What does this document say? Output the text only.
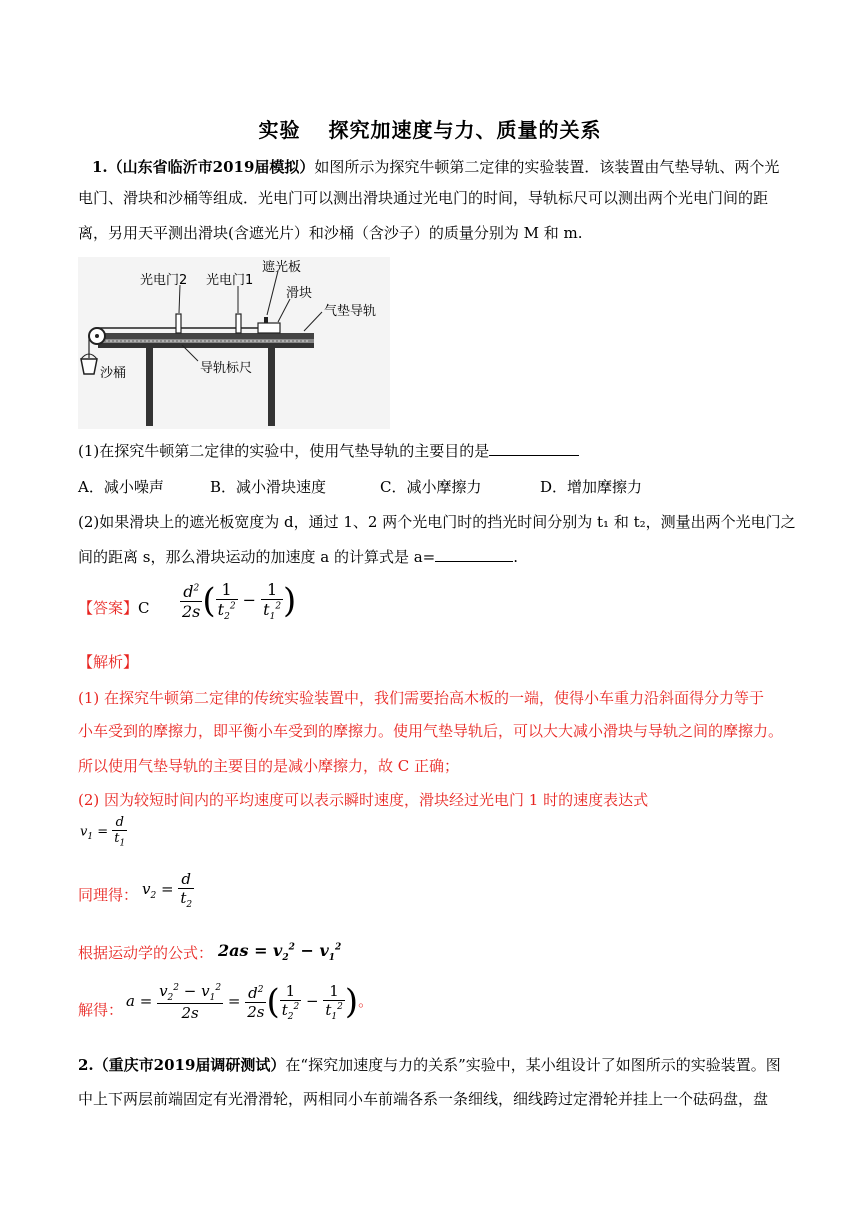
实验 探究加速度与力、质量的关系
1.（山东省临沂市2019届模拟）如图所示为探究牛顿第二定律的实验装置．该装置由气垫导轨、两个光
电门、滑块和沙桶等组成．光电门可以测出滑块通过光电门的时间，导轨标尺可以测出两个光电门间的距
离，另用天平测出滑块(含遮光片）和沙桶（含沙子）的质量分别为 M 和 m.
光电门2 光电门1
遮光板
滑块
气垫导轨
导轨标尺
沙桶
(1)在探究牛顿第二定律的实验中，使用气垫导轨的主要目的是
A．减小噪声	B．减小滑块速度	C．减小摩擦力	D．增加摩擦力
(2)如果滑块上的遮光板宽度为 d，通过 1、2 两个光电门时的挡光时间分别为 t₁ 和 t₂，测量出两个光电门之
间的距离 s，那么滑块运动的加速度 a 的计算式是 a=	.
【答案】C $\frac{d^2}{2s}$ ( $\frac{1}{t_2^2} - \frac{1}{t_1^2}$ )
【解析】
(1) 在探究牛顿第二定律的传统实验装置中，我们需要抬高木板的一端，使得小车重力沿斜面得分力等于
小车受到的摩擦力，即平衡小车受到的摩擦力。使用气垫导轨后，可以大大减小滑块与导轨之间的摩擦力。
所以使用气垫导轨的主要目的是减小摩擦力，故 C 正确；
(2) 因为较短时间内的平均速度可以表示瞬时速度，滑块经过光电门 1 时的速度表达式
$v_1 = \frac{d}{t_1}$
同理得： $v_2 = \frac{d}{t_2}$
根据运动学的公式： $2as = v_2^2 - v_1^2$
解得： $a = \frac{v_2^2 - v_1^2}{2s} = \frac{d^2}{2s}$ ( $\frac{1}{t_2^2} - \frac{1}{t_1^2}$ )。
2.（重庆市2019届调研测试）在“探究加速度与力的关系”实验中，某小组设计了如图所示的实验装置。图
中上下两层前端固定有光滑滑轮，两相同小车前端各系一条细线，细线跨过定滑轮并挂上一个砝码盘，盘
